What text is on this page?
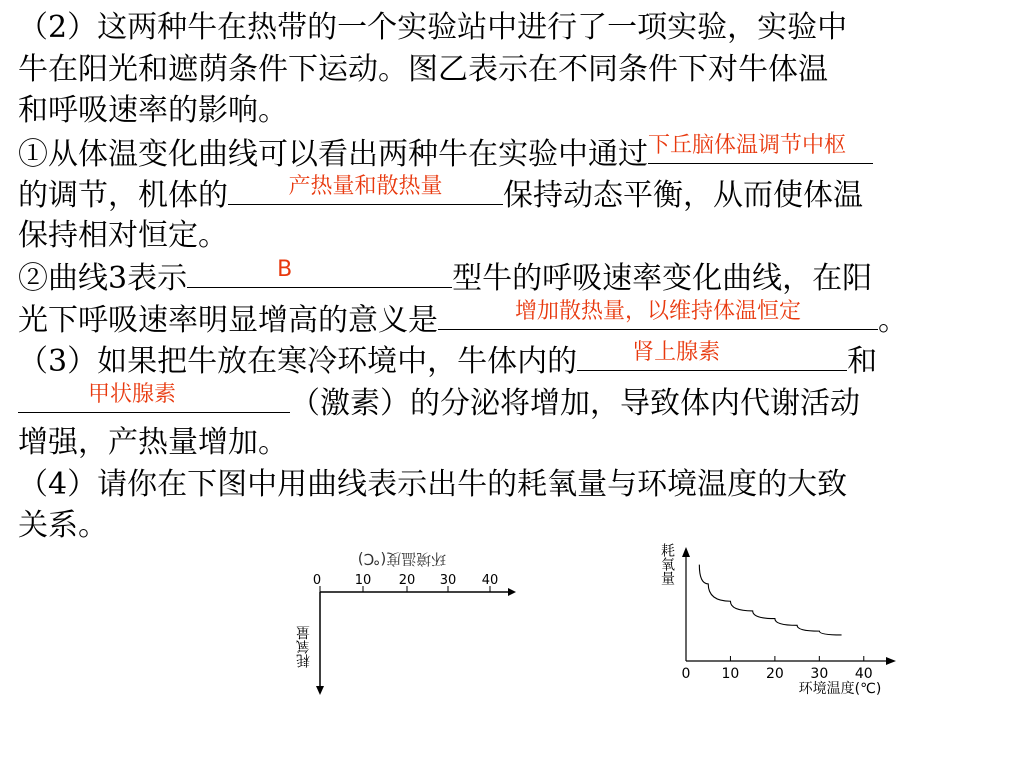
（2）这两种牛在热带的一个实验站中进行了一项实验，实验中
牛在阳光和遮荫条件下运动。图乙表示在不同条件下对牛体温
和呼吸速率的影响。
①从体温变化曲线可以看出两种牛在实验中通过 下丘脑体温调节中枢
的调节，机体的	产热量和散热量	保持动态平衡，从而使体温
保持相对恒定。
②曲线3表示	B	型牛的呼吸速率变化曲线，在阳
光下呼吸速率明显增高的意义是	增加散热量，以维持体温恒定	。
（3）如果把牛放在寒冷环境中，牛体内的	肾上腺素	和
甲状腺素	（激素）的分泌将增加，导致体内代谢活动
增强，产热量增加。
（4）请你在下图中用曲线表示出牛的耗氧量与环境温度的大致
关系。
环境温度(℃)
0	10 20 30 40
耗氧量
耗氧量
0 10 20 30 40
环境温度(℃)
